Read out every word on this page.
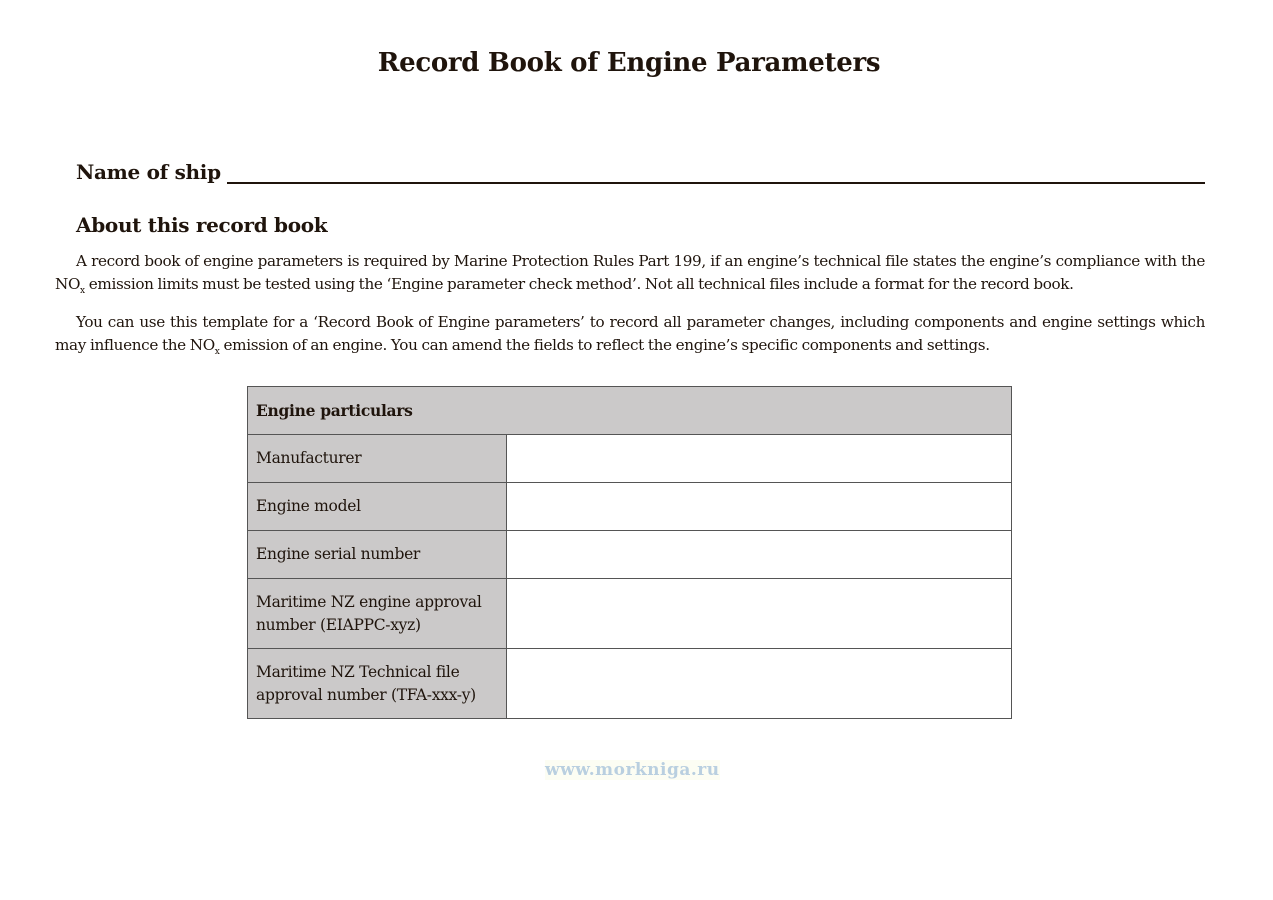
Record Book of Engine Parameters
Name of ship
About this record book

A record book of engine parameters is required by Marine Protection Rules Part 199, if an engine’s technical file states the engine’s compliance with the $NO_x$ emission limits must be tested using the ‘Engine parameter check method’. Not all technical files include a format for the record book.

You can use this template for a ‘Record Book of Engine parameters’ to record all parameter changes, including components and engine settings which may influence the $NO_x$ emission of an engine. You can amend the fields to reflect the engine’s specific components and settings.

Engine particulars	
Manufacturer	
Engine model	
Engine serial number	
Maritime NZ engine approval number (EIAPPC-xyz)	
Maritime NZ Technical file approval number (TFA-xxx-y)	
www.morkniga.ru
